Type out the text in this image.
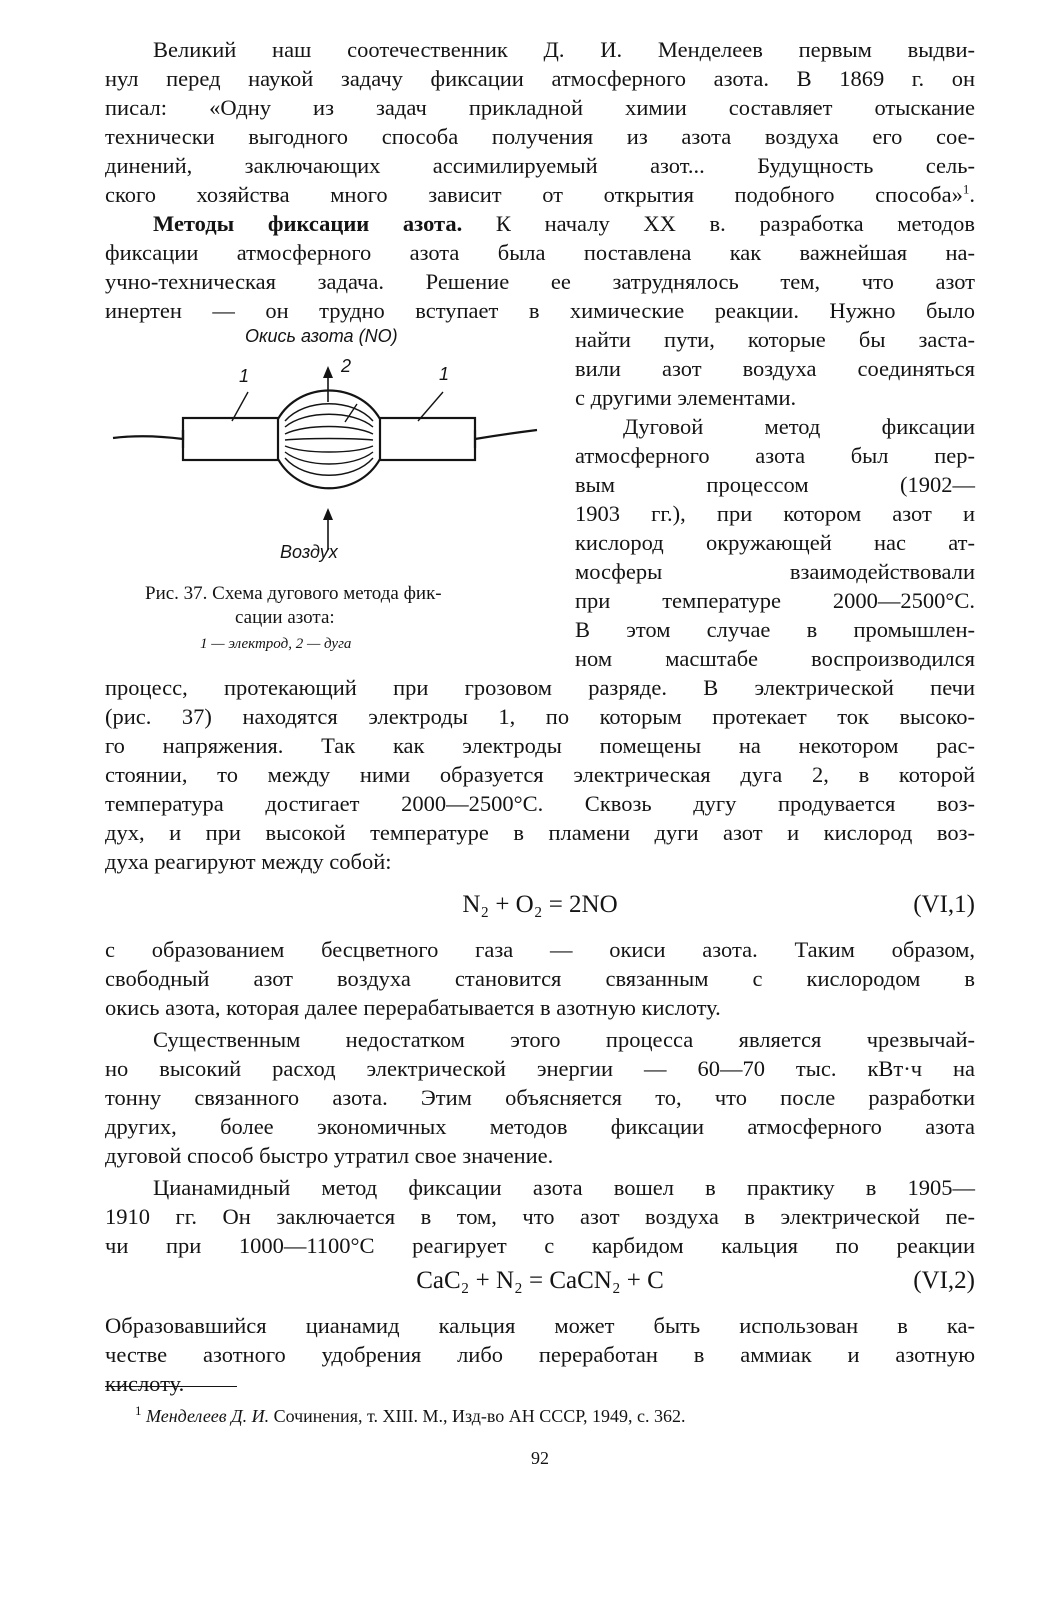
Великий наш соотечественник Д. И. Менделеев первым выдви-
нул перед наукой задачу фиксации атмосферного азота. В 1869 г. он
писал: «Одну из задач прикладной химии составляет отыскание
технически выгодного способа получения из азота воздуха его сое-
динений, заключающих ассимилируемый азот... Будущность сель-
ского хозяйства много зависит от открытия подобного способа»$^1$.
Методы фиксации азота. К началу XX в. разработка методов
фиксации атмосферного азота была поставлена как важнейшая на-
учно-техническая задача. Решение ее затруднялось тем, что азот
инертен — он трудно вступает в химические реакции. Нужно было
найти пути, которые бы заста-
вили азот воздуха соединяться
с другими элементами.
Дуговой метод фиксации
атмосферного азота был пер-
вым процессом (1902—
1903 гг.), при котором азот и
кислород окружающей нас ат-
мосферы взаимодействовали
при температуре 2000—2500°С.
В этом случае в промышлен-
ном масштабе воспроизводился
Окись азота (NO)
1	2	1
Воздух
Рис. 37. Схема дугового метода фик-
сации азота:
1 — электрод, 2 — дуга
процесс, протекающий при грозовом разряде. В электрической печи
(рис. 37) находятся электроды 1, по которым протекает ток высоко-
го напряжения. Так как электроды помещены на некотором рас-
стоянии, то между ними образуется электрическая дуга 2, в которой
температура достигает 2000—2500°С. Сквозь дугу продувается воз-
дух, и при высокой температуре в пламени дуги азот и кислород воз-
духа реагируют между собой:
N₂ + O₂ = 2NO	(VI,1)
с образованием бесцветного газа — окиси азота. Таким образом,
свободный азот воздуха становится связанным с кислородом в
окись азота, которая далее перерабатывается в азотную кислоту.
Существенным недостатком этого процесса является чрезвычай-
но высокий расход электрической энергии — 60—70 тыс. кВт·ч на
тонну связанного азота. Этим объясняется то, что после разработки
других, более экономичных методов фиксации атмосферного азота
дуговой способ быстро утратил свое значение.
Цианамидный метод фиксации азота вошел в практику в 1905—
1910 гг. Он заключается в том, что азот воздуха в электрической пе-
чи при 1000—1100°С реагирует с карбидом кальция по реакции
CaC₂ + N₂ = CaCN₂ + C	(VI,2)
Образовавшийся цианамид кальция может быть использован в ка-
честве азотного удобрения либо переработан в аммиак и азотную
кислоту.
$^1$ Менделеев Д. И. Сочинения, т. XIII. М., Изд-во АН СССР, 1949, с. 362.
92
